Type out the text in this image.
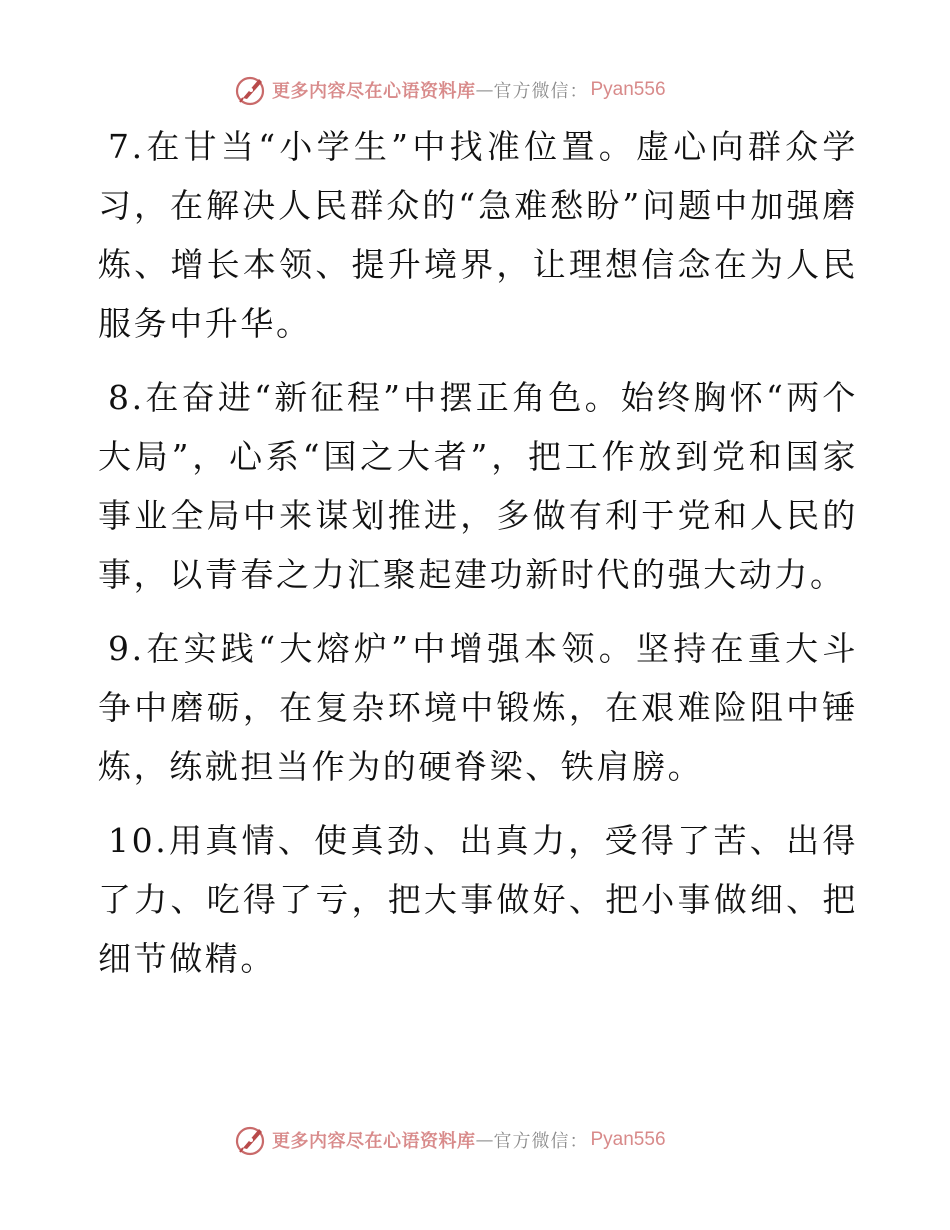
更多内容尽在心语资料库 — 官方微信： Pyan556

7.在甘当“小学生”中找准位置。虚心向群众学习，在解决人民群众的“急难愁盼”问题中加强磨炼、增长本领、提升境界，让理想信念在为人民服务中升华。

8.在奋进“新征程”中摆正角色。始终胸怀“两个大局”，心系“国之大者”，把工作放到党和国家事业全局中来谋划推进，多做有利于党和人民的事，以青春之力汇聚起建功新时代的强大动力。

9.在实践“大熔炉”中增强本领。坚持在重大斗争中磨砺，在复杂环境中锻炼，在艰难险阻中锤炼，练就担当作为的硬脊梁、铁肩膀。

10.用真情、使真劲、出真力，受得了苦、出得了力、吃得了亏，把大事做好、把小事做细、把细节做精。

更多内容尽在心语资料库 — 官方微信： Pyan556
